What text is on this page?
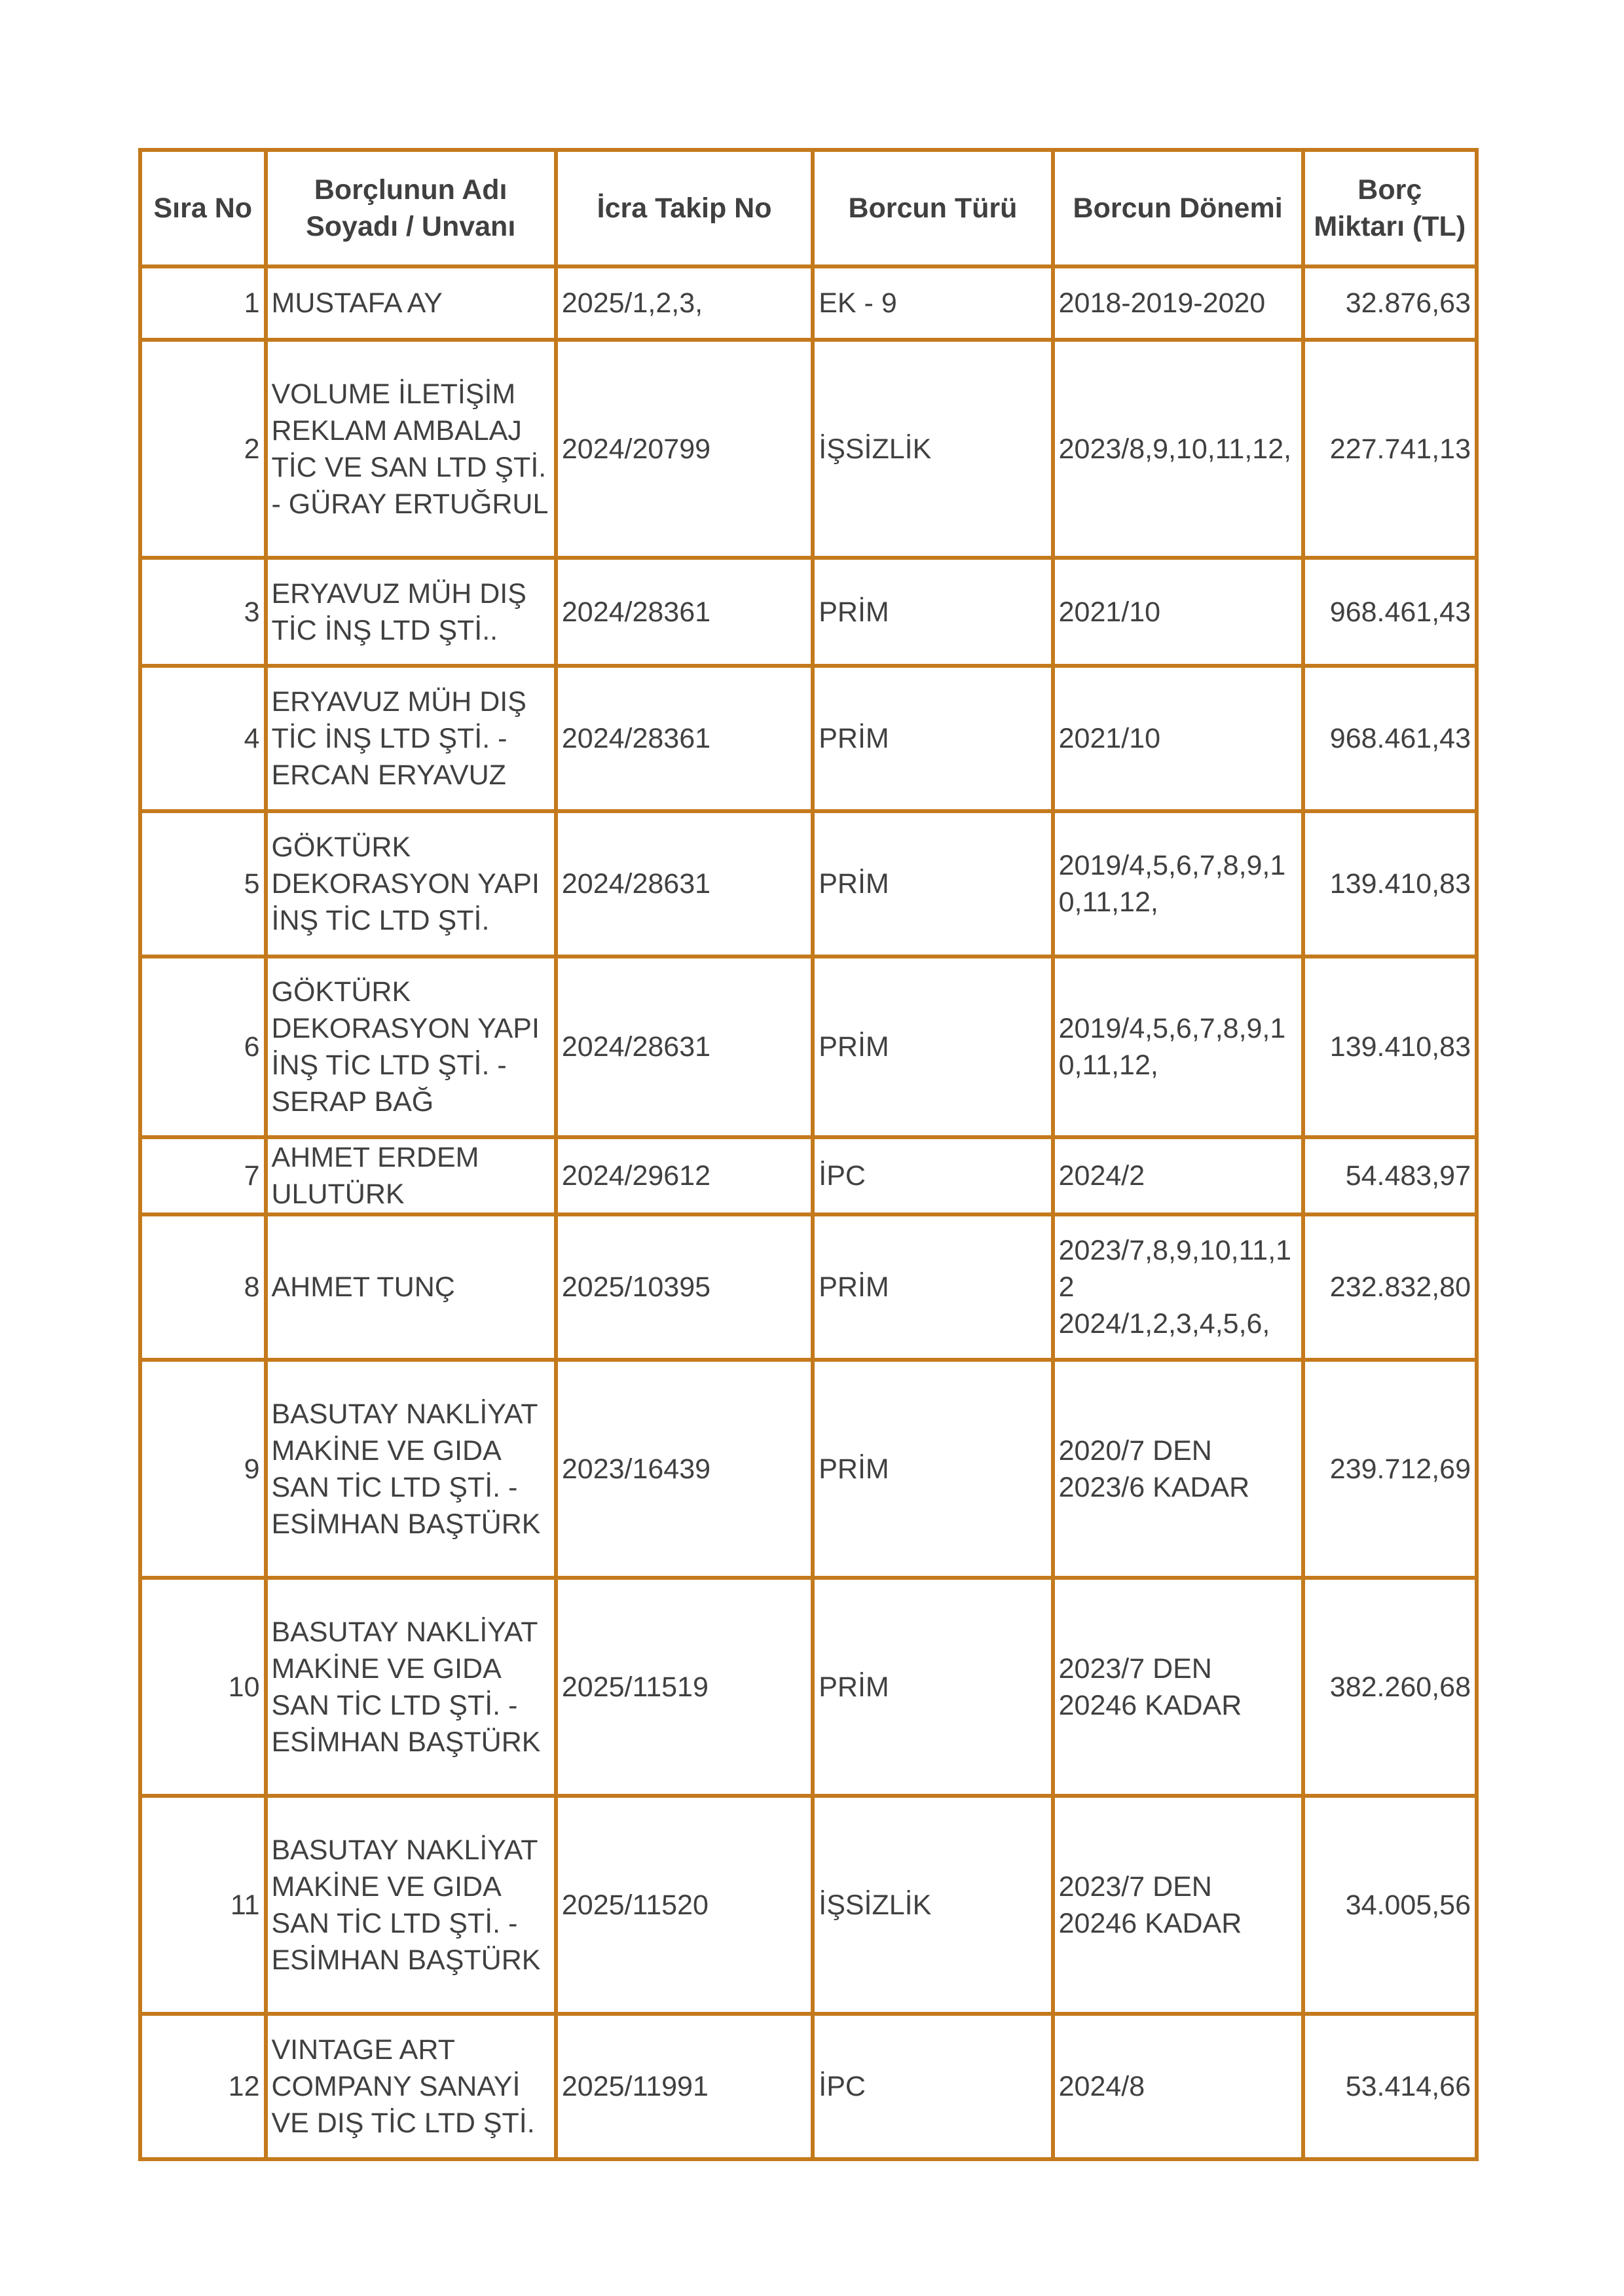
Sıra No	Borçlunun Adı Soyadı / Unvanı	İcra Takip No	Borcun Türü	Borcun Dönemi	Borç Miktarı (TL)
1	MUSTAFA AY	2025/1,2,3,	EK - 9	2018-2019-2020	32.876,63
2	VOLUME İLETİŞİM REKLAM AMBALAJ TİC VE SAN LTD ŞTİ. - GÜRAY ERTUĞRUL	2024/20799	İŞSİZLİK	2023/8,9,10,11,12,	227.741,13
3	ERYAVUZ MÜH DIŞ TİC İNŞ LTD ŞTİ..	2024/28361	PRİM	2021/10	968.461,43
4	ERYAVUZ MÜH DIŞ TİC İNŞ LTD ŞTİ. - ERCAN ERYAVUZ	2024/28361	PRİM	2021/10	968.461,43
5	GÖKTÜRK DEKORASYON YAPI İNŞ TİC LTD ŞTİ.	2024/28631	PRİM	2019/4,5,6,7,8,9,10,11,12,	139.410,83
6	GÖKTÜRK DEKORASYON YAPI İNŞ TİC LTD ŞTİ. - SERAP BAĞ	2024/28631	PRİM	2019/4,5,6,7,8,9,10,11,12,	139.410,83
7	AHMET ERDEM ULUTÜRK	2024/29612	İPC	2024/2	54.483,97
8	AHMET TUNÇ	2025/10395	PRİM	2023/7,8,9,10,11,12
2024/1,2,3,4,5,6,	232.832,80
9	BASUTAY NAKLİYAT MAKİNE VE GIDA SAN TİC LTD ŞTİ. - ESİMHAN BAŞTÜRK	2023/16439	PRİM	2020/7 DEN
2023/6 KADAR	239.712,69
10	BASUTAY NAKLİYAT MAKİNE VE GIDA SAN TİC LTD ŞTİ. - ESİMHAN BAŞTÜRK	2025/11519	PRİM	2023/7 DEN
20246 KADAR	382.260,68
11	BASUTAY NAKLİYAT MAKİNE VE GIDA SAN TİC LTD ŞTİ. - ESİMHAN BAŞTÜRK	2025/11520	İŞSİZLİK	2023/7 DEN
20246 KADAR	34.005,56
12	VINTAGE ART COMPANY SANAYİ VE DIŞ TİC LTD ŞTİ.	2025/11991	İPC	2024/8	53.414,66
